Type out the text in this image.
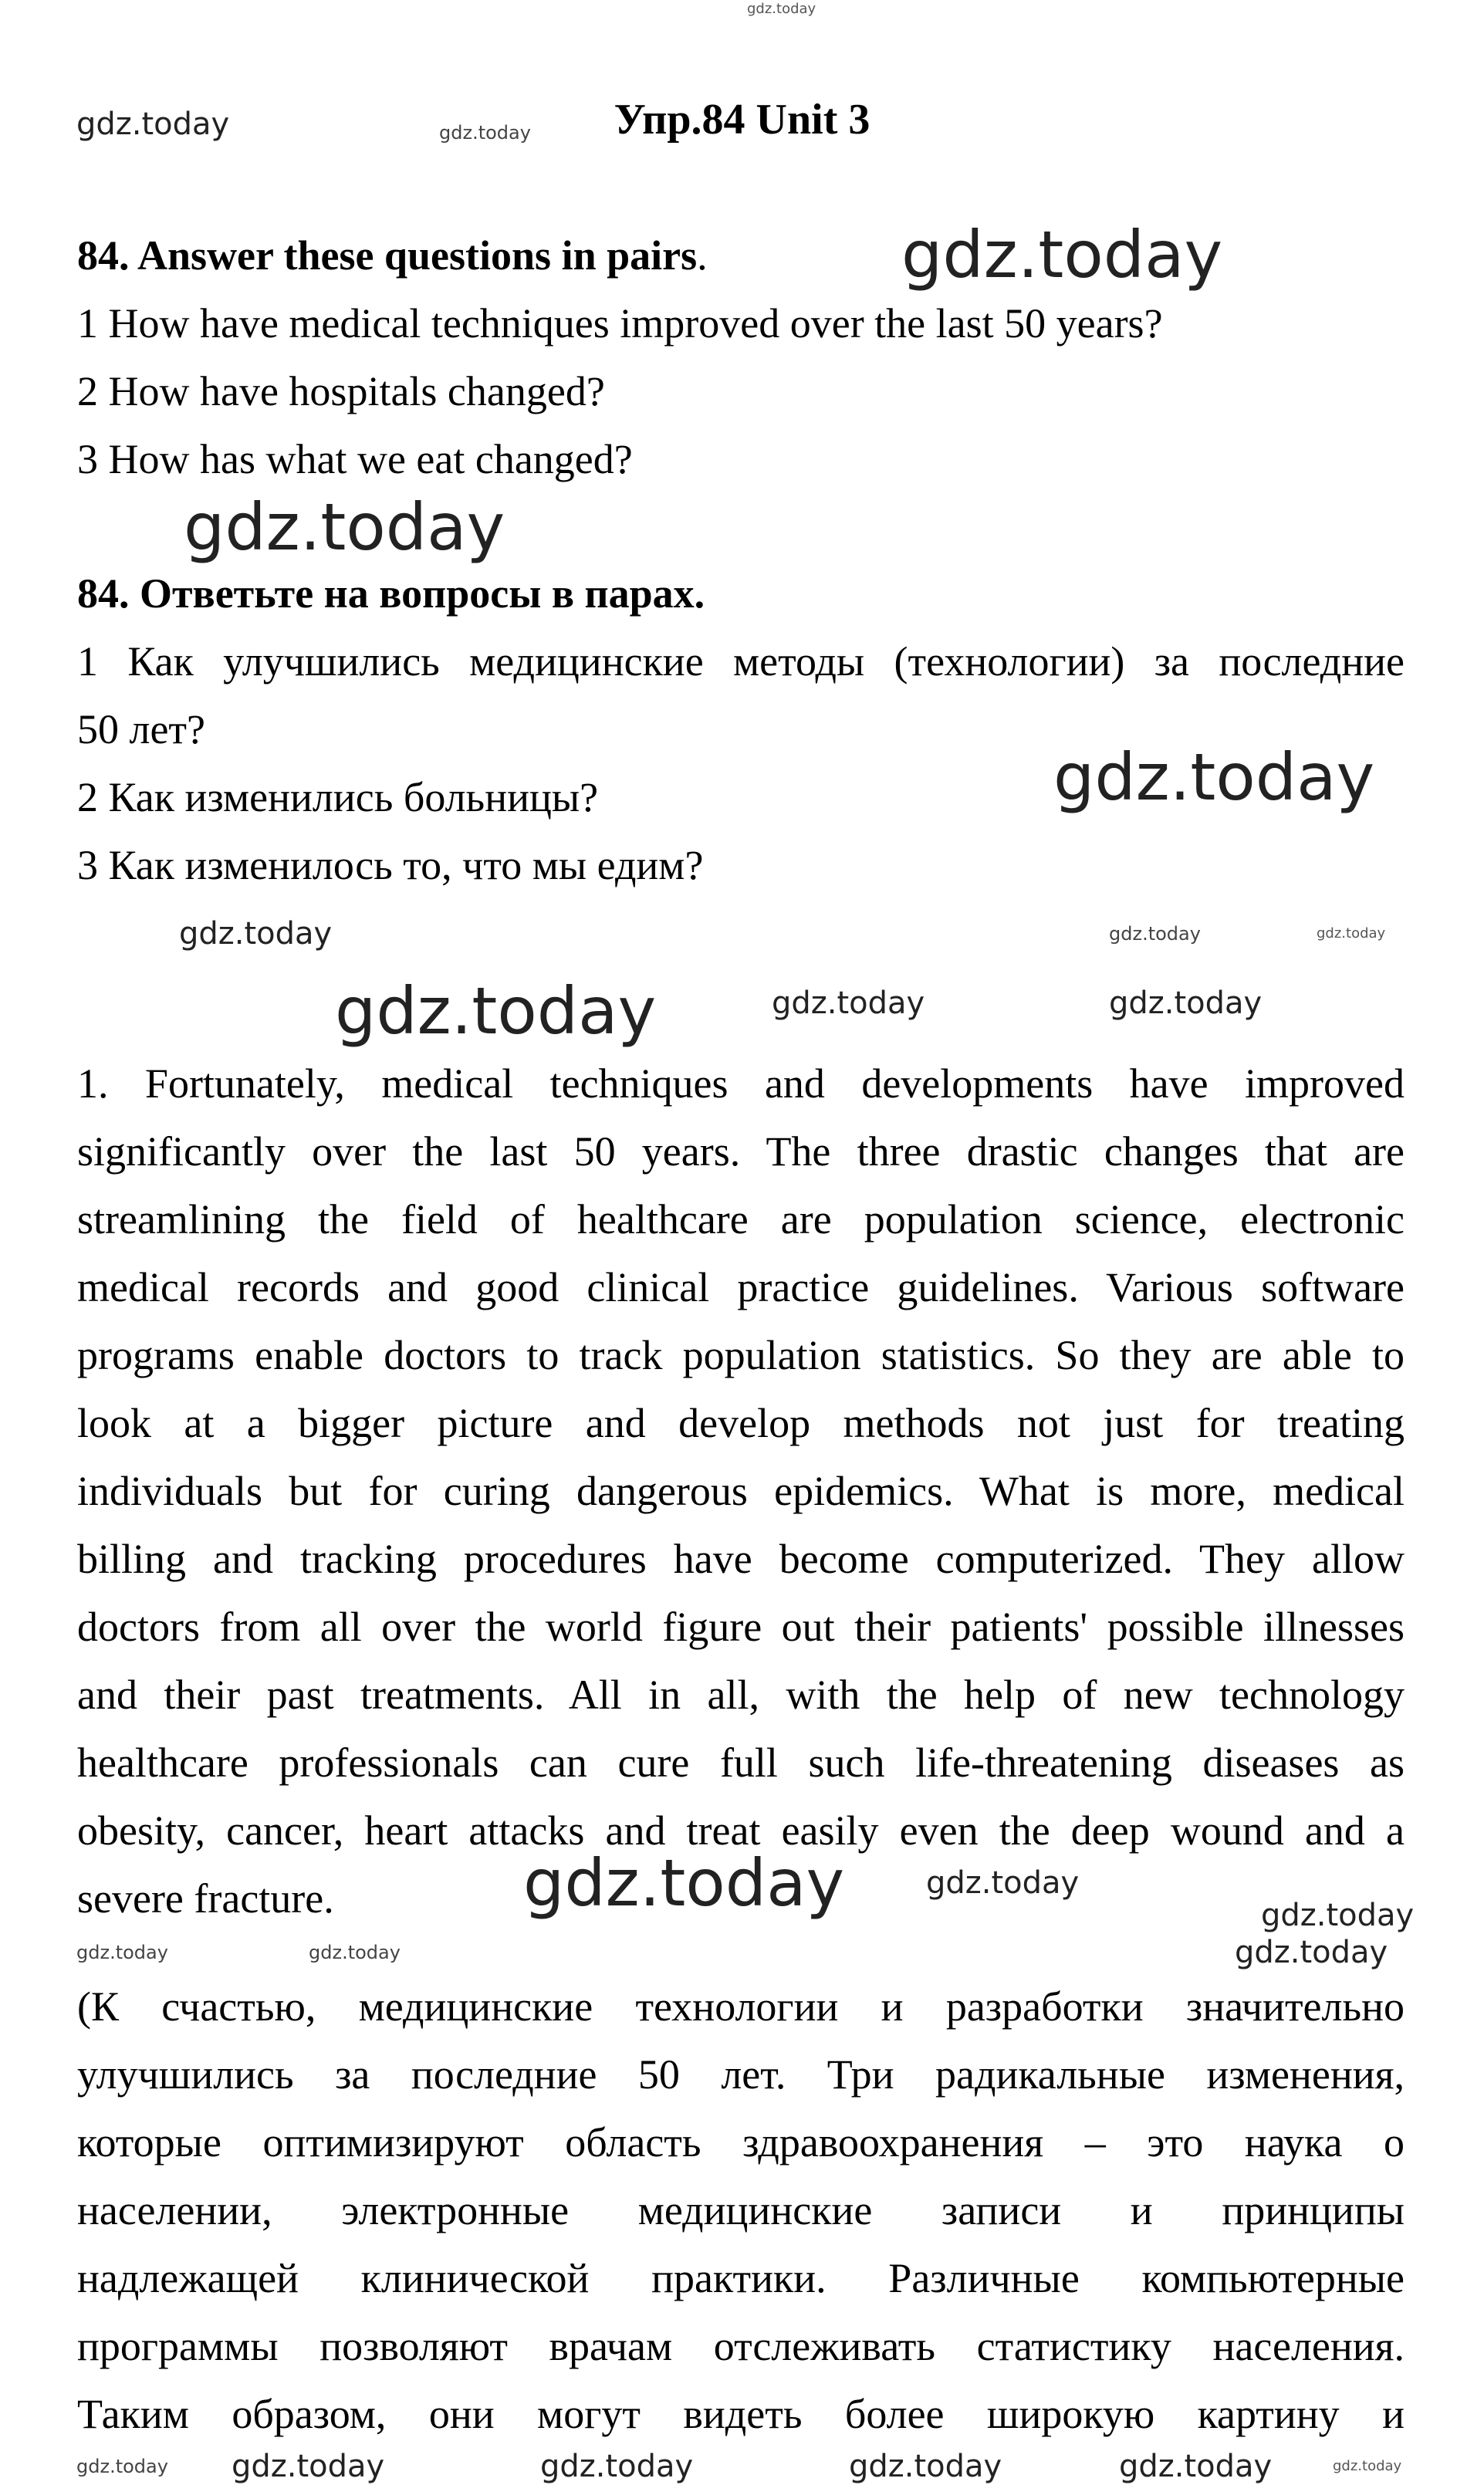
Упр.84 Unit 3
84. Answer these questions in pairs.
1 How have medical techniques improved over the last 50 years?
2 How have hospitals changed?
3 How has what we eat changed?
84. Ответьте на вопросы в парах.
1 Как улучшились медицинские методы (технологии) за последние
50 лет?
2 Как изменились больницы?
3 Как изменилось то, что мы едим?
1. Fortunately, medical techniques and developments have improved
significantly over the last 50 years. The three drastic changes that are
streamlining the field of healthcare are population science, electronic
medical records and good clinical practice guidelines. Various software
programs enable doctors to track population statistics. So they are able to
look at a bigger picture and develop methods not just for treating
individuals but for curing dangerous epidemics. What is more, medical
billing and tracking procedures have become computerized. They allow
doctors from all over the world figure out their patients' possible illnesses
and their past treatments. All in all, with the help of new technology
healthcare professionals can cure full such life-threatening diseases as
obesity, cancer, heart attacks and treat easily even the deep wound and a
severe fracture.
(К счастью, медицинские технологии и разработки значительно
улучшились за последние 50 лет. Три радикальные изменения,
которые оптимизируют область здравоохранения – это наука о
населении, электронные медицинские записи и принципы
надлежащей клинической практики. Различные компьютерные
программы позволяют врачам отслеживать статистику населения.
Таким образом, они могут видеть более широкую картину и
gdz.today
gdz.today	gdz.today
gdz.today
gdz.today
gdz.today
gdz.today	gdz.today	gdz.today
gdz.today	gdz.today	gdz.today
gdz.today	gdz.today
gdz.today
gdz.today	gdz.today	gdz.today
gdz.today gdz.today	gdz.today	gdz.today	gdz.today	gdz.today
